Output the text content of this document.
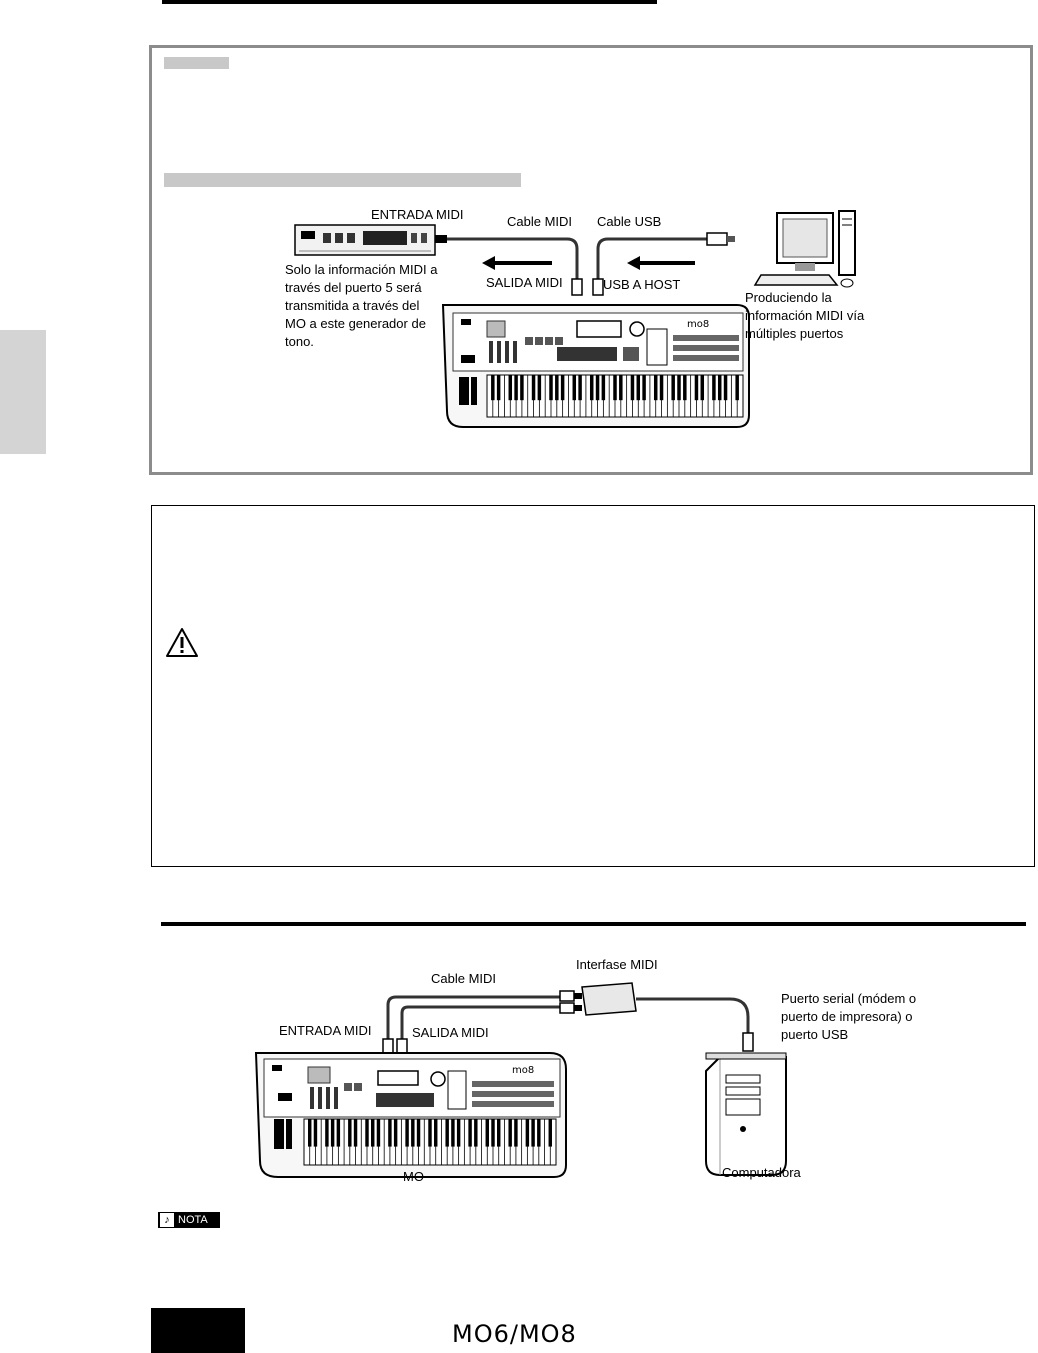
mo8
ENTRADA MIDI	Cable MIDI Cable USB
SALIDA MIDI	USB A HOST
Solo la información MIDI a
través del puerto 5 será
transmitida a través del
MO a este generador de
tono.
Produciendo la
información MIDI vía
múltiples puertos
mo8
Interfase MIDI
Cable MIDI
ENTRADA MIDI	SALIDA MIDI
Puerto serial (módem o
puerto de impresora) o
puerto USB
MO	Computadora
♪ NOTA
MO6/MO8
